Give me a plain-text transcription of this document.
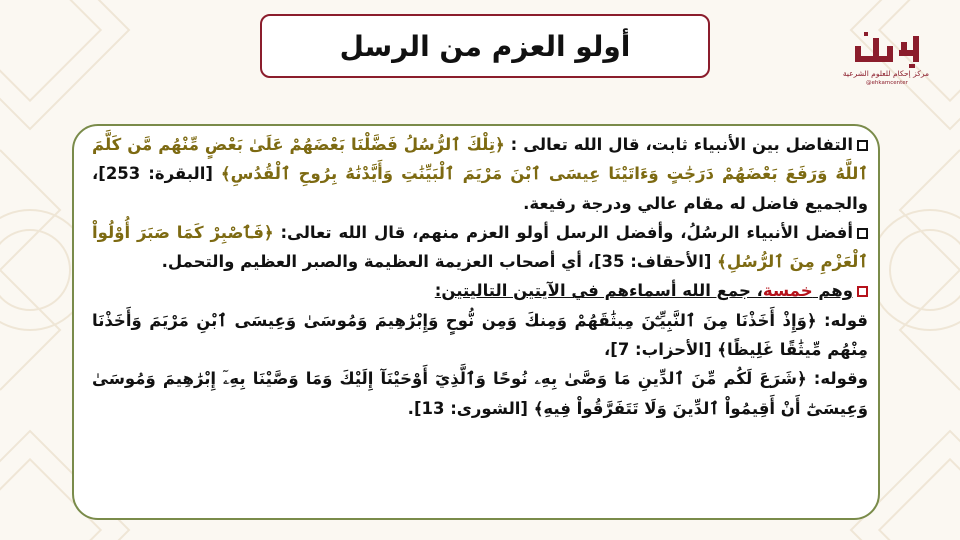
أولو العزم من الرسل
مركز إحكام للعلوم الشرعية
@ehkamcenter

التفاضل بين الأنبياء ثابت، قال الله تعالى : ﴿تِلْكَ ٱلرُّسُلُ فَضَّلْنَا بَعْضَهُمْ عَلَىٰ بَعْضٍ مِّنْهُم مَّن كَلَّمَ ٱللَّهُ وَرَفَعَ بَعْضَهُمْ دَرَجَٰتٍ وَءَاتَيْنَا عِيسَى ٱبْنَ مَرْيَمَ ٱلْبَيِّنَٰتِ وَأَيَّدْنَٰهُ بِرُوحِ ٱلْقُدُسِ﴾ [البقرة: 253]، والجميع فاضل له مقام عالي ودرجة رفيعة.

أفضل الأنبياء الرسُلُ، وأفضل الرسل أولو العزم منهم، قال الله تعالى: ﴿فَٱصْبِرْ كَمَا صَبَرَ أُوْلُواْ ٱلْعَزْمِ مِنَ ٱلرُّسُلِ﴾ [الأحقاف: 35]، أي أصحاب العزيمة العظيمة والصبر العظيم والتحمل.

وهم خمسة، جمع الله أسماءهم في الآيتين التاليتين:

قوله: ﴿وَإِذْ أَخَذْنَا مِنَ ٱلنَّبِيِّـۧنَ مِيثَٰقَهُمْ وَمِنكَ وَمِن نُّوحٍ وَإِبْرَٰهِيمَ وَمُوسَىٰ وَعِيسَى ٱبْنِ مَرْيَمَ وَأَخَذْنَا مِنْهُم مِّيثَٰقًا غَلِيظًا﴾ [الأحزاب: 7]،

وقوله: ﴿شَرَعَ لَكُم مِّنَ ٱلدِّينِ مَا وَصَّىٰ بِهِۦ نُوحًا وَٱلَّذِيٓ أَوْحَيْنَآ إِلَيْكَ وَمَا وَصَّيْنَا بِهِۦٓ إِبْرَٰهِيمَ وَمُوسَىٰ وَعِيسَىٰٓ أَنْ أَقِيمُواْ ٱلدِّينَ وَلَا تَتَفَرَّقُواْ فِيهِ﴾ [الشورى: 13].
